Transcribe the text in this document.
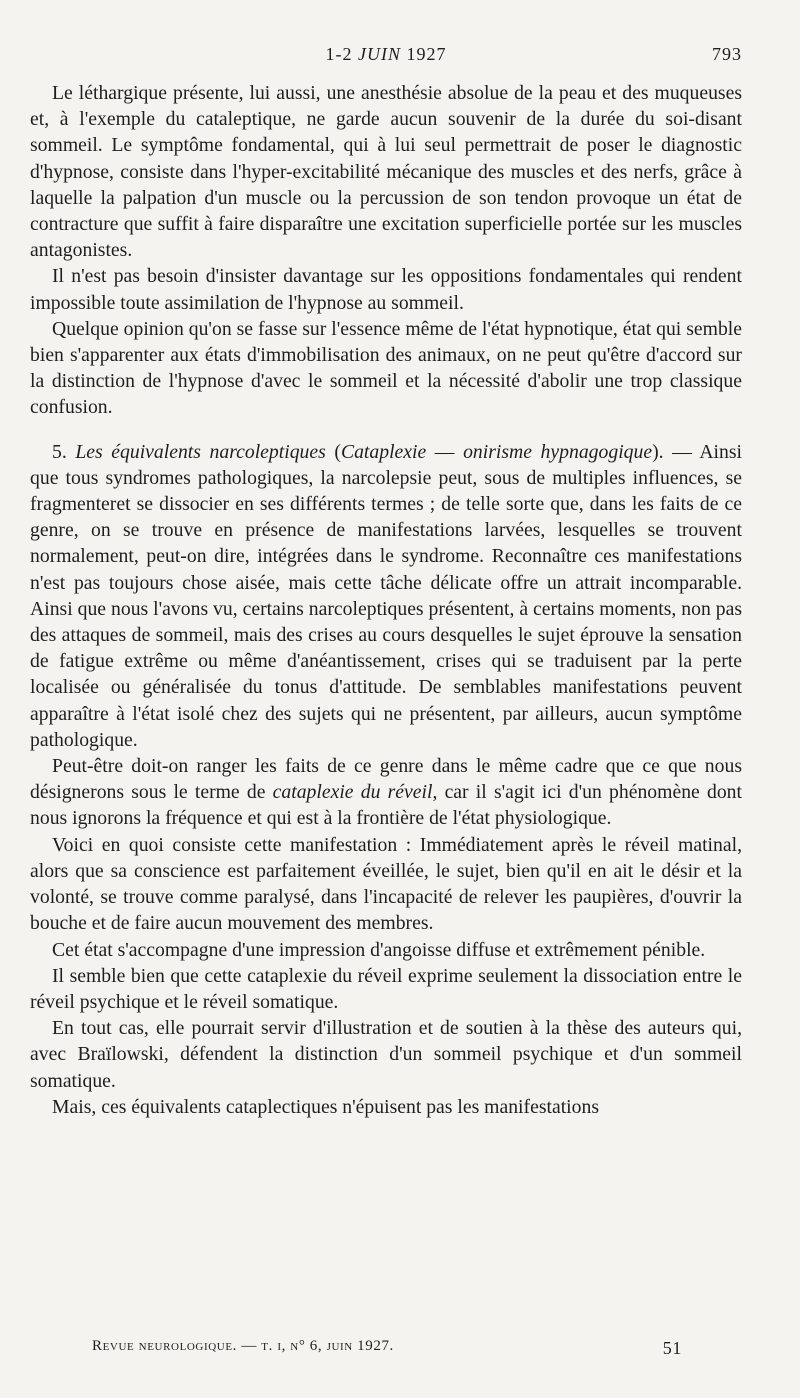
1-2 JUIN 1927	793

Le léthargique présente, lui aussi, une anesthésie absolue de la peau et des muqueuses et, à l'exemple du cataleptique, ne garde aucun souvenir de la durée du soi-disant sommeil. Le symptôme fondamental, qui à lui seul permettrait de poser le diagnostic d'hypnose, consiste dans l'hyper-excitabilité mécanique des muscles et des nerfs, grâce à laquelle la palpation d'un muscle ou la percussion de son tendon provoque un état de contracture que suffit à faire disparaître une excitation superficielle portée sur les muscles antagonistes.

Il n'est pas besoin d'insister davantage sur les oppositions fondamentales qui rendent impossible toute assimilation de l'hypnose au sommeil.

Quelque opinion qu'on se fasse sur l'essence même de l'état hypnotique, état qui semble bien s'apparenter aux états d'immobilisation des animaux, on ne peut qu'être d'accord sur la distinction de l'hypnose d'avec le sommeil et la nécessité d'abolir une trop classique confusion.

5. Les équivalents narcoleptiques (Cataplexie — onirisme hypnagogique). — Ainsi que tous syndromes pathologiques, la narcolepsie peut, sous de multiples influences, se fragmenteret se dissocier en ses différents termes ; de telle sorte que, dans les faits de ce genre, on se trouve en présence de manifestations larvées, lesquelles se trouvent normalement, peut-on dire, intégrées dans le syndrome. Reconnaître ces manifestations n'est pas toujours chose aisée, mais cette tâche délicate offre un attrait incomparable. Ainsi que nous l'avons vu, certains narcoleptiques présentent, à certains moments, non pas des attaques de sommeil, mais des crises au cours desquelles le sujet éprouve la sensation de fatigue extrême ou même d'anéantissement, crises qui se traduisent par la perte localisée ou généralisée du tonus d'attitude. De semblables manifestations peuvent apparaître à l'état isolé chez des sujets qui ne présentent, par ailleurs, aucun symptôme pathologique.

Peut-être doit-on ranger les faits de ce genre dans le même cadre que ce que nous désignerons sous le terme de cataplexie du réveil, car il s'agit ici d'un phénomène dont nous ignorons la fréquence et qui est à la frontière de l'état physiologique.

Voici en quoi consiste cette manifestation : Immédiatement après le réveil matinal, alors que sa conscience est parfaitement éveillée, le sujet, bien qu'il en ait le désir et la volonté, se trouve comme paralysé, dans l'incapacité de relever les paupières, d'ouvrir la bouche et de faire aucun mouvement des membres.

Cet état s'accompagne d'une impression d'angoisse diffuse et extrêmement pénible.

Il semble bien que cette cataplexie du réveil exprime seulement la dissociation entre le réveil psychique et le réveil somatique.

En tout cas, elle pourrait servir d'illustration et de soutien à la thèse des auteurs qui, avec Braïlowski, défendent la distinction d'un sommeil psychique et d'un sommeil somatique.

Mais, ces équivalents cataplectiques n'épuisent pas les manifestations

Revue neurologique. — t. i, n° 6, juin 1927.	51
